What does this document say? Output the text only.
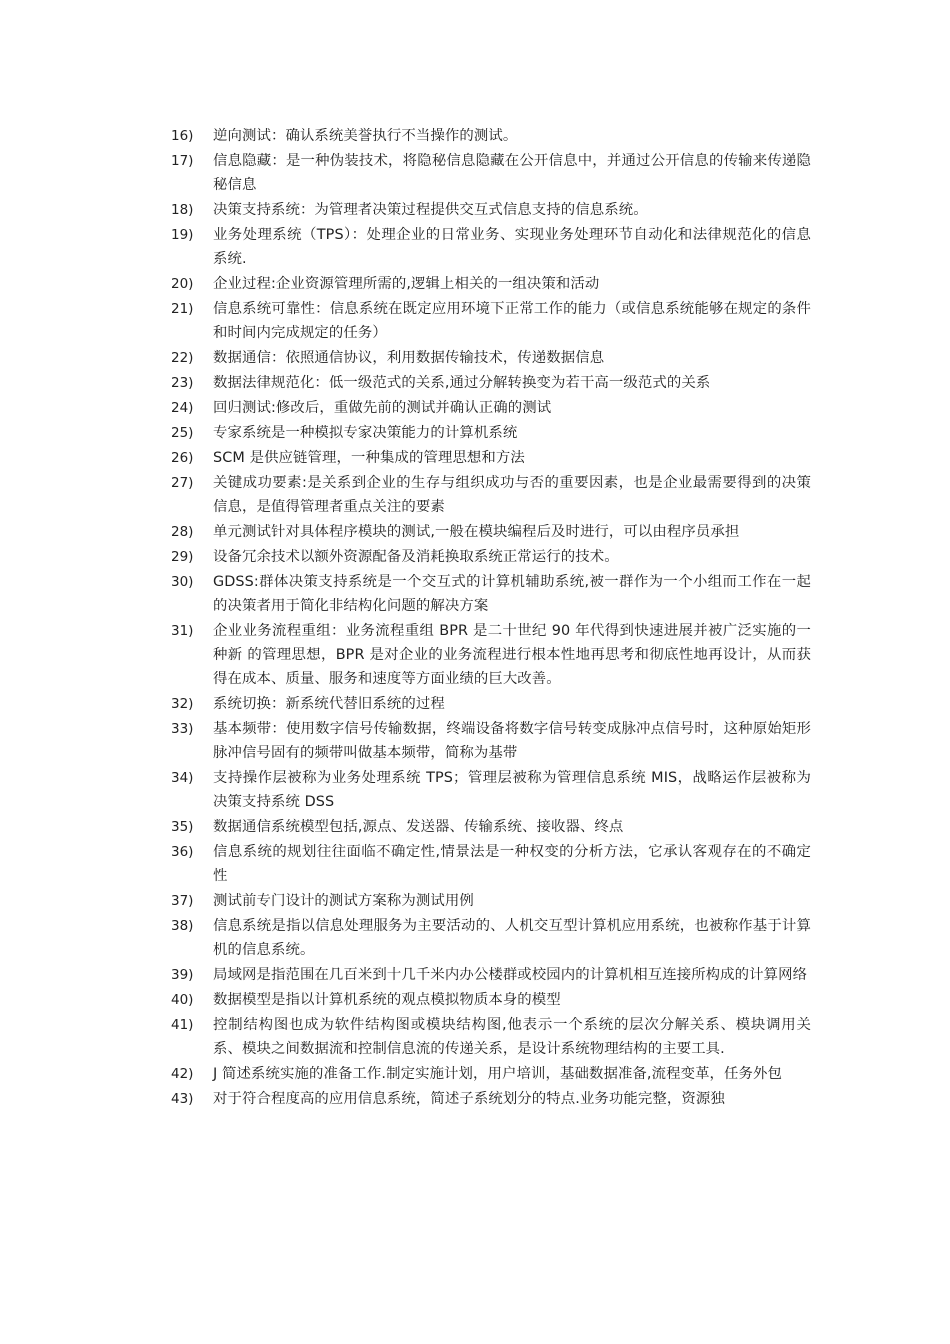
16)	逆向测试：确认系统美誉执行不当操作的测试。
17)	信息隐藏：是一种伪装技术，将隐秘信息隐藏在公开信息中，并通过公开信息的传输来传递隐秘信息
18)	决策支持系统：为管理者决策过程提供交互式信息支持的信息系统。
19)	业务处理系统（TPS）：处理企业的日常业务、实现业务处理环节自动化和法律规范化的信息系统.
20)	企业过程:企业资源管理所需的,逻辑上相关的一组决策和活动
21)	信息系统可靠性：信息系统在既定应用环境下正常工作的能力（或信息系统能够在规定的条件和时间内完成规定的任务）
22)	数据通信：依照通信协议，利用数据传输技术，传递数据信息
23)	数据法律规范化：低一级范式的关系,通过分解转换变为若干高一级范式的关系
24)	回归测试:修改后，重做先前的测试并确认正确的测试
25)	专家系统是一种模拟专家决策能力的计算机系统
26)	SCM 是供应链管理，一种集成的管理思想和方法
27)	关键成功要素:是关系到企业的生存与组织成功与否的重要因素，也是企业最需要得到的决策信息，是值得管理者重点关注的要素
28)	单元测试针对具体程序模块的测试,一般在模块编程后及时进行，可以由程序员承担
29)	设备冗余技术以额外资源配备及消耗换取系统正常运行的技术。
30)	GDSS:群体决策支持系统是一个交互式的计算机辅助系统,被一群作为一个小组而工作在一起的决策者用于简化非结构化问题的解决方案
31)	企业业务流程重组：业务流程重组 BPR 是二十世纪 90 年代得到快速进展并被广泛实施的一种新 的管理思想，BPR 是对企业的业务流程进行根本性地再思考和彻底性地再设计，从而获得在成本、质量、服务和速度等方面业绩的巨大改善。
32)	系统切换：新系统代替旧系统的过程
33)	基本频带：使用数字信号传输数据，终端设备将数字信号转变成脉冲点信号时，这种原始矩形脉冲信号固有的频带叫做基本频带，简称为基带
34)	支持操作层被称为业务处理系统 TPS；管理层被称为管理信息系统 MIS，战略运作层被称为决策支持系统 DSS
35)	数据通信系统模型包括,源点、发送器、传输系统、接收器、终点
36)	信息系统的规划往往面临不确定性,情景法是一种权变的分析方法，它承认客观存在的不确定性
37)	测试前专门设计的测试方案称为测试用例
38)	信息系统是指以信息处理服务为主要活动的、人机交互型计算机应用系统，也被称作基于计算机的信息系统。
39)	局域网是指范围在几百米到十几千米内办公楼群或校园内的计算机相互连接所构成的计算网络
40)	数据模型是指以计算机系统的观点模拟物质本身的模型
41)	控制结构图也成为软件结构图或模块结构图,他表示一个系统的层次分解关系、模块调用关系、模块之间数据流和控制信息流的传递关系，是设计系统物理结构的主要工具.
42)	J 简述系统实施的准备工作.制定实施计划，用户培训，基础数据准备,流程变革，任务外包
43)	对于符合程度高的应用信息系统，简述子系统划分的特点.业务功能完整，资源独
